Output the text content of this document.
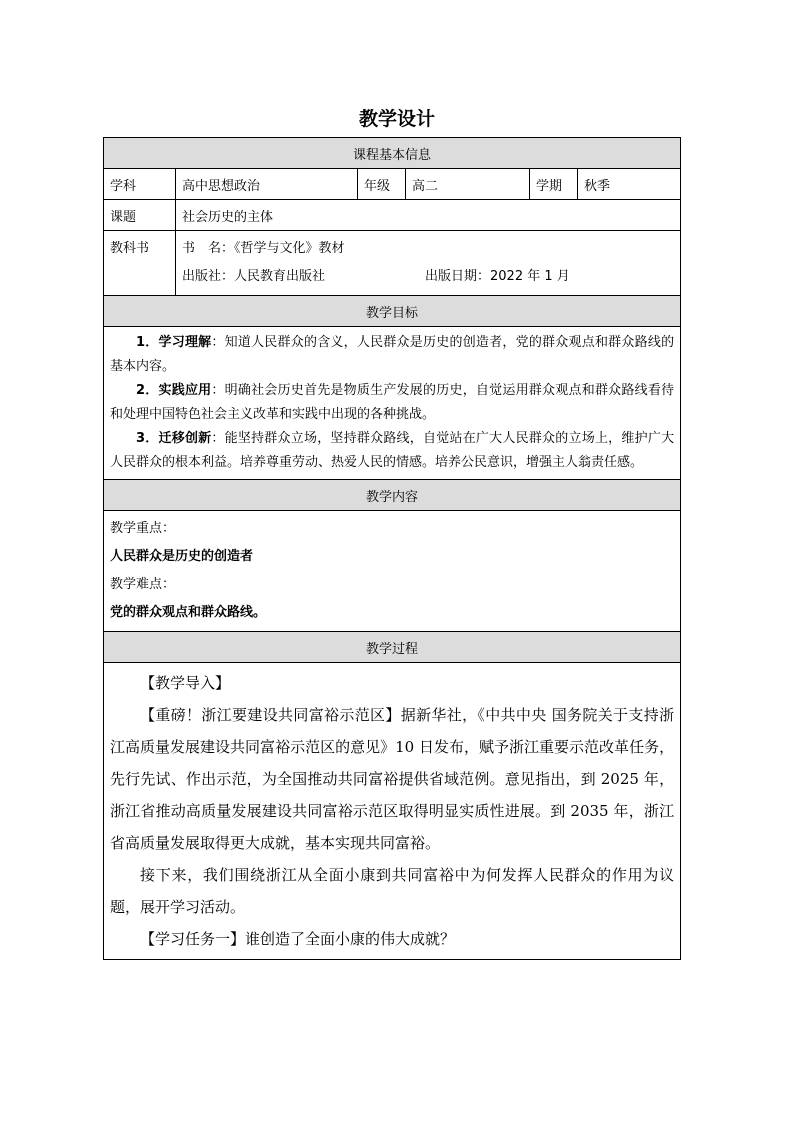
教学设计
课程基本信息					
学科	高中思想政治	年级	高二	学期	秋季
课题	社会历史的主体				
教科书	书　名：《哲学与文化》教材

出版社：人民教育出版社 出版日期：2022 年 1 月				

教学目标					

1．学习理解：知道人民群众的含义，人民群众是历史的创造者，党的群众观点和群众路线的基本内容。

2．实践应用：明确社会历史首先是物质生产发展的历史，自觉运用群众观点和群众路线看待和处理中国特色社会主义改革和实践中出现的各种挑战。

3．迁移创新：能坚持群众立场，坚持群众路线，自觉站在广大人民群众的立场上，维护广大人民群众的根本利益。培养尊重劳动、热爱人民的情感。培养公民意识，增强主人翁责任感。					

教学内容					

教学重点：

人民群众是历史的创造者

教学难点：

党的群众观点和群众路线。					

教学过程					

【教学导入】

【重磅！浙江要建设共同富裕示范区】据新华社，《中共中央 国务院关于支持浙江高质量发展建设共同富裕示范区的意见》10 日发布，赋予浙江重要示范改革任务，先行先试、作出示范，为全国推动共同富裕提供省域范例。意见指出，到 2025 年，浙江省推动高质量发展建设共同富裕示范区取得明显实质性进展。到 2035 年，浙江省高质量发展取得更大成就，基本实现共同富裕。

接下来，我们围绕浙江从全面小康到共同富裕中为何发挥人民群众的作用为议题，展开学习活动。

【学习任务一】谁创造了全面小康的伟大成就？					
